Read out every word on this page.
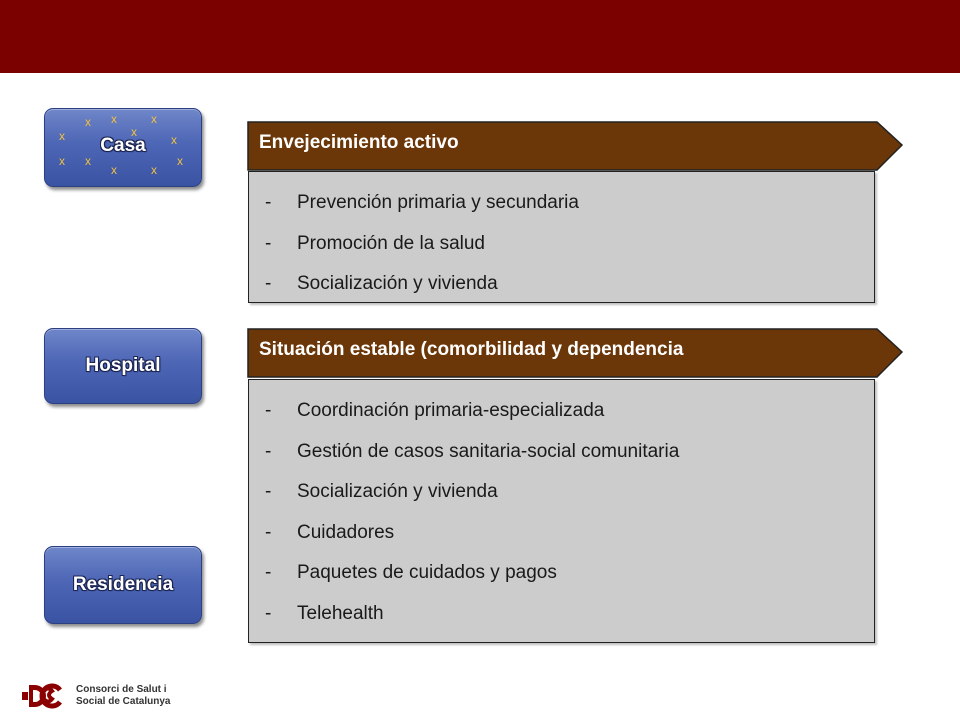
x x	x
x
x	x
x x	x
x	x
Casa
Hospital
Residencia
Envejecimiento activo
- Prevención primaria y secundaria
- Promoción de la salud
- Socialización y vivienda
Situación estable (comorbilidad y dependencia
- Coordinación primaria-especializada
- Gestión de casos sanitaria-social comunitaria
- Socialización y vivienda
- Cuidadores
- Paquetes de cuidados y pagos
- Telehealth
Consorci de Salut i
Social de Catalunya
